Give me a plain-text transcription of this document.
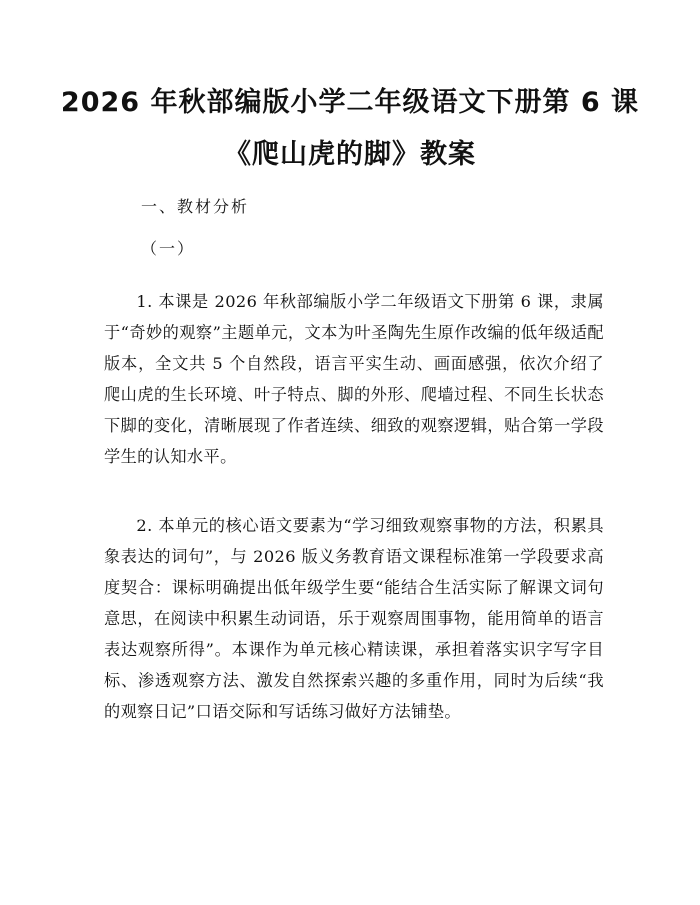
2026 年秋部编版小学二年级语文下册第 6 课
《爬山虎的脚》教案
一、教材分析
（一）
1. 本课是 2026 年秋部编版小学二年级语文下册第 6 课，隶属于“奇妙的观察”主题单元，文本为叶圣陶先生原作改编的低年级适配版本，全文共 5 个自然段，语言平实生动、画面感强，依次介绍了爬山虎的生长环境、叶子特点、脚的外形、爬墙过程、不同生长状态下脚的变化，清晰展现了作者连续、细致的观察逻辑，贴合第一学段学生的认知水平。
2. 本单元的核心语文要素为“学习细致观察事物的方法，积累具象表达的词句”，与 2026 版义务教育语文课程标准第一学段要求高度契合：课标明确提出低年级学生要“能结合生活实际了解课文词句意思，在阅读中积累生动词语，乐于观察周围事物，能用简单的语言表达观察所得”。本课作为单元核心精读课，承担着落实识字写字目标、渗透观察方法、激发自然探索兴趣的多重作用，同时为后续“我的观察日记”口语交际和写话练习做好方法铺垫。
